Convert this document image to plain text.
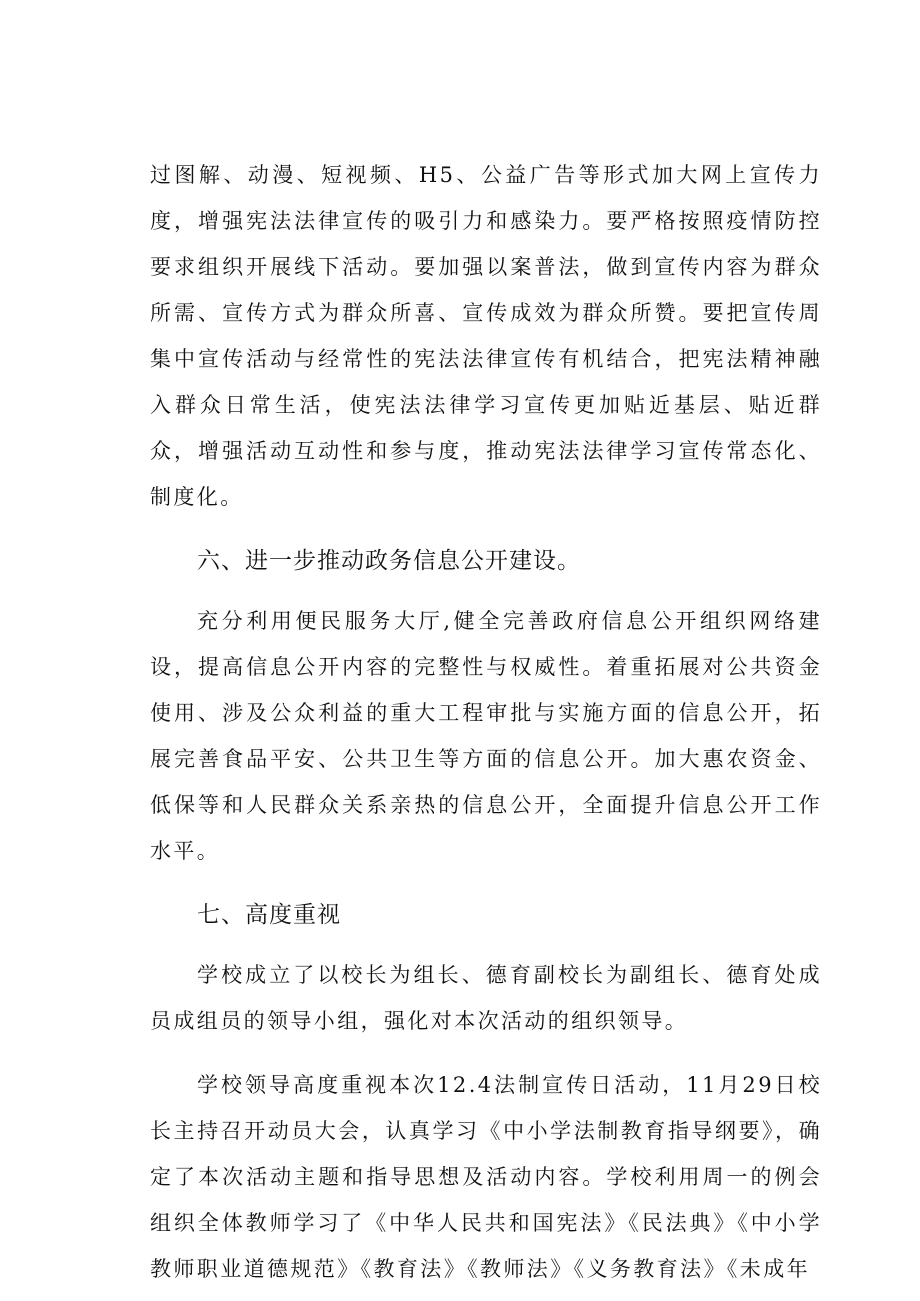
过图解、动漫、短视频、H5、公益广告等形式加大网上宣传力度，增强宪法法律宣传的吸引力和感染力。要严格按照疫情防控要求组织开展线下活动。要加强以案普法，做到宣传内容为群众所需、宣传方式为群众所喜、宣传成效为群众所赞。要把宣传周集中宣传活动与经常性的宪法法律宣传有机结合，把宪法精神融入群众日常生活，使宪法法律学习宣传更加贴近基层、贴近群众，增强活动互动性和参与度，推动宪法法律学习宣传常态化、制度化。

六、进一步推动政务信息公开建设。

充分利用便民服务大厅,健全完善政府信息公开组织网络建设，提高信息公开内容的完整性与权威性。着重拓展对公共资金使用、涉及公众利益的重大工程审批与实施方面的信息公开，拓展完善食品平安、公共卫生等方面的信息公开。加大惠农资金、低保等和人民群众关系亲热的信息公开，全面提升信息公开工作水平。

七、高度重视

学校成立了以校长为组长、德育副校长为副组长、德育处成员成组员的领导小组，强化对本次活动的组织领导。

学校领导高度重视本次12.4法制宣传日活动，11月29日校长主持召开动员大会，认真学习《中小学法制教育指导纲要》，确定了本次活动主题和指导思想及活动内容。学校利用周一的例会组织全体教师学习了《中华人民共和国宪法》《民法典》《中小学教师职业道德规范》《教育法》《教师法》《义务教育法》《未成年
